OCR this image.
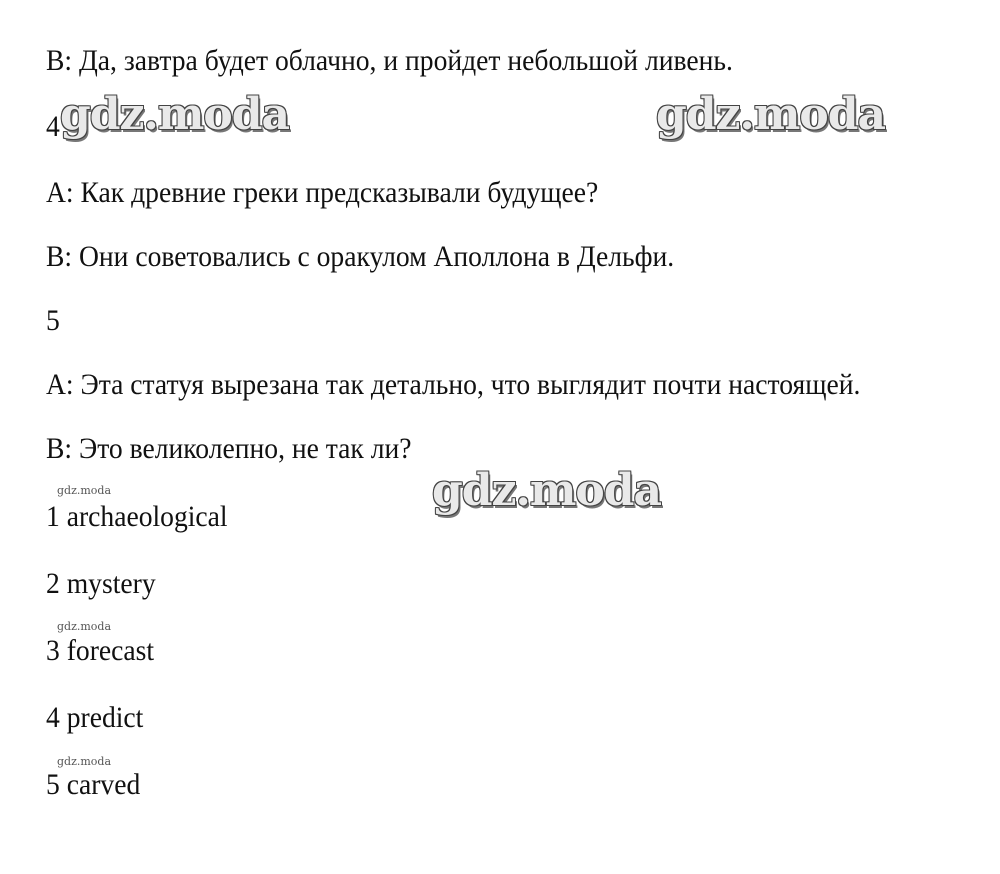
B: Да, завтра будет облачно, и пройдет небольшой ливень.
4
А: Как древние греки предсказывали будущее?
B: Они советовались с оракулом Аполлона в Дельфи.
5
А: Эта статуя вырезана так детально, что выглядит почти настоящей.
B: Это великолепно, не так ли?
1 archaeological
2 mystery
3 forecast
4 predict
5 carved
gdz.moda	gdz.moda
gdz.moda
gdz.moda
gdz.moda
gdz.moda
